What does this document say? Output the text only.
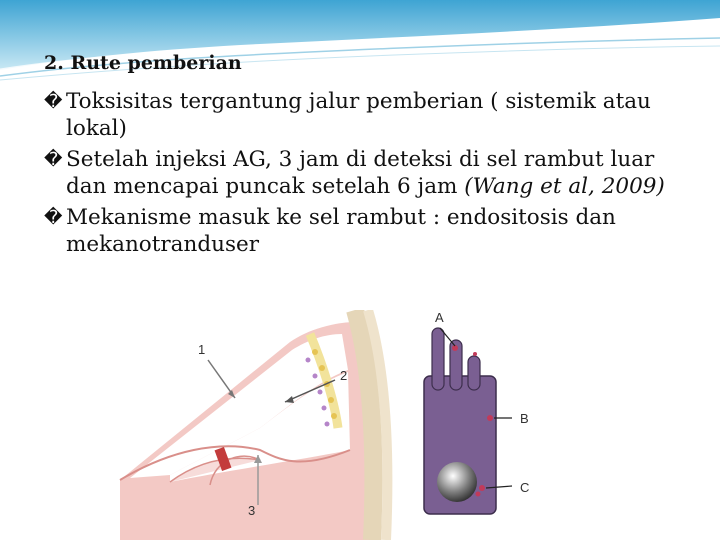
2. Rute pemberian
� Toksisitas tergantung jalur pemberian ( sistemik atau lokal)
� Setelah injeksi AG, 3 jam di deteksi di sel rambut luar dan mencapai puncak setelah 6 jam (Wang et al, 2009)
� Mekanisme masuk ke sel rambut : endositosis dan mekanotranduser
1
2
3
A
B
C
